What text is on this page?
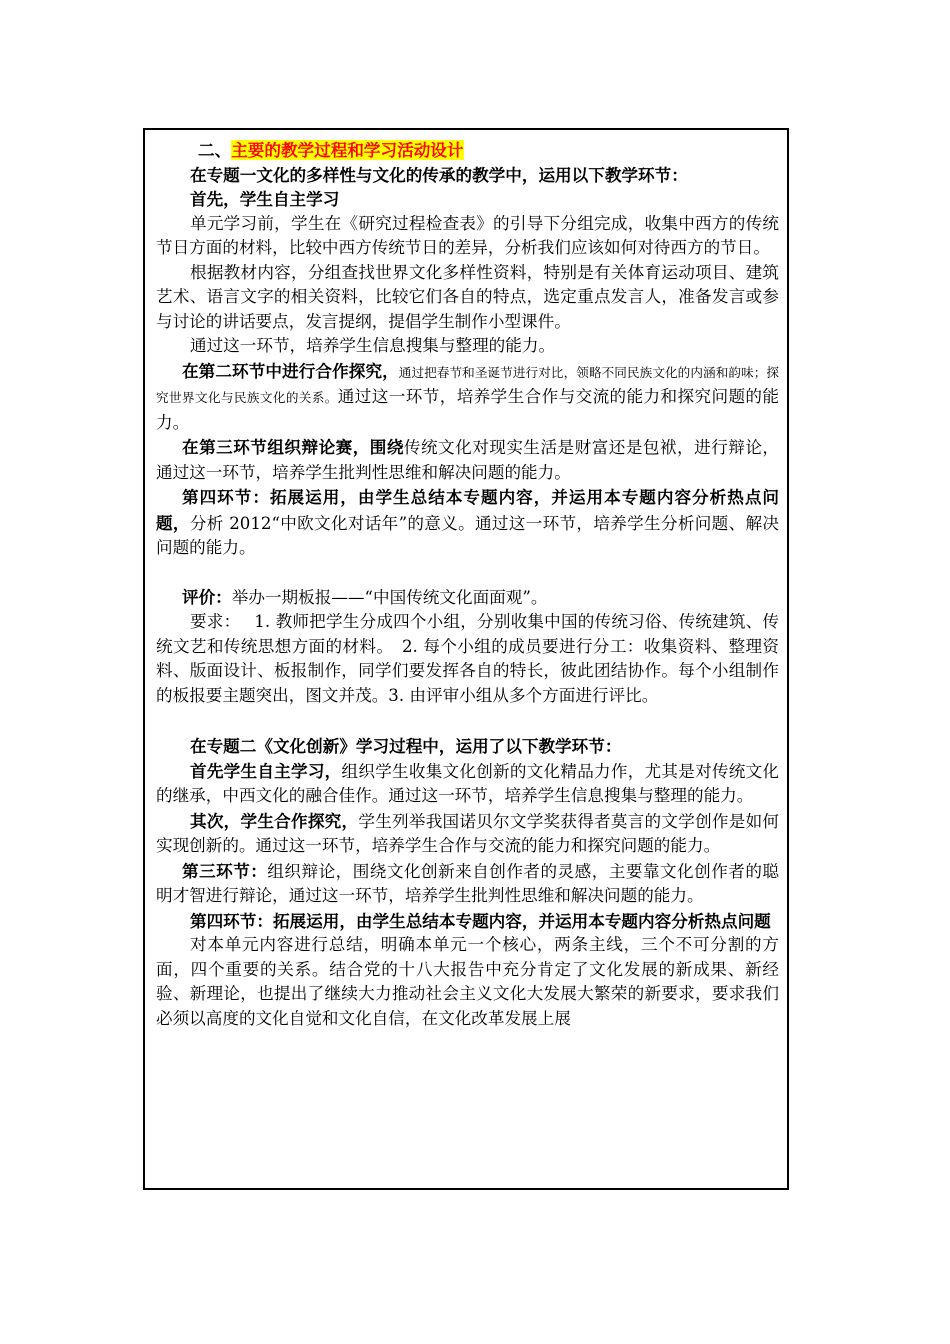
二、主要的教学过程和学习活动设计

在专题一文化的多样性与文化的传承的教学中，运用以下教学环节：

首先，学生自主学习

单元学习前，学生在《研究过程检查表》的引导下分组完成，收集中西方的传统节日方面的材料，比较中西方传统节日的差异，分析我们应该如何对待西方的节日。

根据教材内容，分组查找世界文化多样性资料，特别是有关体育运动项目、建筑艺术、语言文字的相关资料，比较它们各自的特点，选定重点发言人，准备发言或参与讨论的讲话要点，发言提纲，提倡学生制作小型课件。

通过这一环节，培养学生信息搜集与整理的能力。

在第二环节中进行合作探究，通过把春节和圣诞节进行对比，领略不同民族文化的内涵和韵味；探究世界文化与民族文化的关系。通过这一环节，培养学生合作与交流的能力和探究问题的能力。

在第三环节组织辩论赛，围绕传统文化对现实生活是财富还是包袱，进行辩论，通过这一环节，培养学生批判性思维和解决问题的能力。

第四环节：拓展运用，由学生总结本专题内容，并运用本专题内容分析热点问题，分析 2012“中欧文化对话年”的意义。通过这一环节，培养学生分析问题、解决问题的能力。

评价：举办一期板报——“中国传统文化面面观”。

要求：　 1. 教师把学生分成四个小组，分别收集中国的传统习俗、传统建筑、传统文艺和传统思想方面的材料。　2. 每个小组的成员要进行分工：收集资料、整理资料、版面设计、板报制作，同学们要发挥各自的特长，彼此团结协作。每个小组制作的板报要主题突出，图文并茂。3. 由评审小组从多个方面进行评比。

在专题二《文化创新》学习过程中，运用了以下教学环节：

首先学生自主学习，组织学生收集文化创新的文化精品力作，尤其是对传统文化的继承，中西文化的融合佳作。通过这一环节，培养学生信息搜集与整理的能力。

其次，学生合作探究，学生列举我国诺贝尔文学奖获得者莫言的文学创作是如何实现创新的。通过这一环节，培养学生合作与交流的能力和探究问题的能力。

第三环节：组织辩论，围绕文化创新来自创作者的灵感，主要靠文化创作者的聪明才智进行辩论，通过这一环节，培养学生批判性思维和解决问题的能力。

第四环节：拓展运用，由学生总结本专题内容，并运用本专题内容分析热点问题

对本单元内容进行总结，明确本单元一个核心，两条主线，三个不可分割的方面，四个重要的关系。结合党的十八大报告中充分肯定了文化发展的新成果、新经验、新理论，也提出了继续大力推动社会主义文化大发展大繁荣的新要求，要求我们必须以高度的文化自觉和文化自信，在文化改革发展上展
